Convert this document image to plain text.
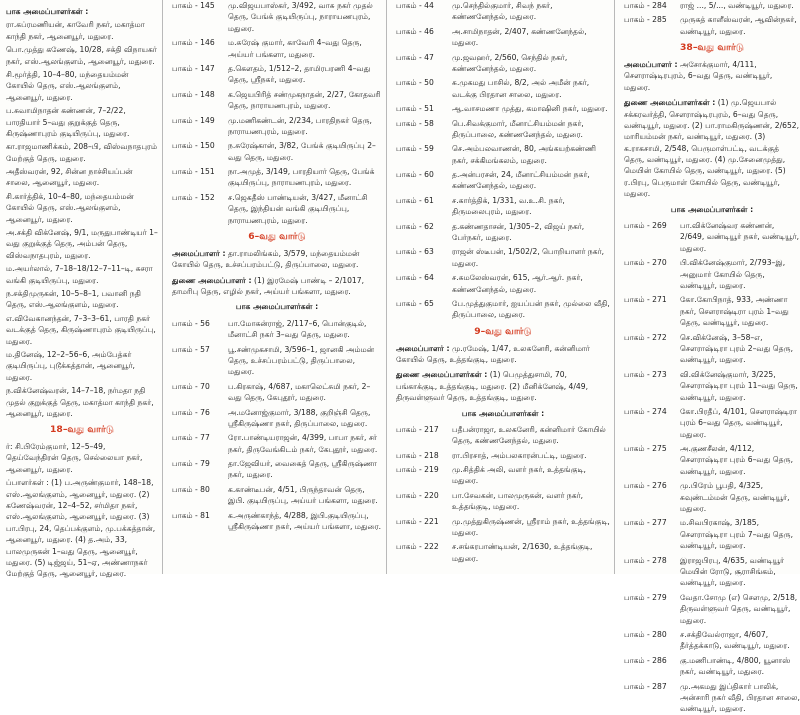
பாக அமைப்பாளர்கள் :

ரா.கப்ரமணியன், காவேரி நகர், மகாத்மா காந்தி நகர், ஆனையூர், மதுரை.

பொ.முத்து கணேஷ், 10/28, சக்தி விநாயகர் நகர், எஸ்.ஆலங்குளம், ஆனையூர், மதுரை.

சி.மூர்த்தி, 10–4–80, மந்தையம்மன் கோயில் தெரு, எஸ்.ஆலங்குளம், ஆனையூர், மதுரை.

ப.சுவாமிநாதன் கண்ணன், 7–2/22, பாரதியார் 5–வது குறுக்குத் தெரு, கிருஷ்ணாபுரம் குடியிருப்பு, மதுரை.

கா.ராஜமாணிக்கம், 208–பி, விஸ்வநாதபுரம் மேற்குத் தெரு, மதுரை.

அதீஸ்வரன், 92, சின்ன நாச்சியப்பன் சாலை, ஆனையூர், மதுரை.

சி.கார்த்திக், 10–4–80, மந்தையம்மன் கோயில் தெரு, எஸ்.ஆலங்குளம், ஆனையூர், மதுரை.

அ.சக்தி விக்னேஷ், 9/1, மருதுபாண்டியர் 1–வது குறுக்குத் தெரு, அம்பன் தெரு, விஸ்வநாதபுரம், மதுரை.

ம.அயர்லால், 7–18–18/12–7–11–டி, சுசரா வங்கி குடியிருப்பு, மதுரை.

ந.சக்திமுருகன், 10–5–8–1, பவானி நதி தெரு, எஸ்.ஆலங்குளம், மதுரை.

எ.விவேகானந்தன், 7–3–3–61, பாரதி நகர் வடக்குத் தெரு, கிருஷ்ணாபுரம் குடியிருப்பு, மதுரை.

ம.தினேஷ், 12–2–56–6, அம்பேத்கர் குடியிருப்பு, புடூக்கத்தான், ஆனையூர், மதுரை.

ந.விக்னேஷ்வரன், 14–7–18, நர்மதா நதி முதல் குறுக்குத் தெரு, மகாத்மா காந்தி நகர், ஆனையூர், மதுரை.

18–வது வார்டு

ர்: சி.பிரேம்குமார், 12–5–49, தெய்வேந்திரன் தெரு, செல்லையா நகர், ஆனையூர், மதுரை.

ப்பாளர்கள் : (1) ப.அருண்குமார், 148–18, எஸ்.ஆலங்குளம், ஆனையூர், மதுரை. (2) கணேஷ்வரன், 12–4–52, சர்மிதா நகர், எஸ்.ஆலங்குளம், ஆனையூர், மதுரை. (3) பா.பிரபு, 24, தெப்பக்குளம், மு.பக்கத்தான், ஆனையூர், மதுரை. (4) த.அம், 33, பாலமுருகன் 1–வது தெரு, ஆனையூர், மதுரை. (5) டிஜ்ஜய், 51–ஏ, அண்ணாநகர் மேற்குத் தெரு, ஆனையூர், மதுரை.

பாகம் - 145	மு.விஜயபாஸ்கர், 3/492, வாசு நகர் முதல் தெரு, பேங்க் குடியிருப்பு, நாராயணபுரம், மதுரை.
பாகம் - 146	ம.சுரேஷ் குமார், காவேரி 4–வது தெரு, அய்யர் பங்களா, மதுரை.
பாகம் - 147	த.கௌதம், 1/512–2, தாமிரபரணி 4–வது தெரு, ஸ்ரீநகர், மதுரை.
பாகம் - 148	க.ஜெயபிரித் சண்முகநாதன், 2/27, கோதவரி தெரு, நாராயணபுரம், மதுரை.
பாகம் - 149	மு.மணிகண்டன், 2/234, பாரதிநகர் தெரு, நாராயணபுரம், மதுரை.
பாகம் - 150	ந.சுரேஷ்கான், 3/82, பேங்க் குடியிருப்பு 2–வது தெரு, மதுரை.
பாகம் - 151	நா.அமுத், 3/149, பாரதியார் தெரு, பேங்க் குடியிருப்பு, நாராயணபுரம், மதுரை.
பாகம் - 152	ச.ஜெகதீஸ் பாண்டியன், 3/427, மீனாட்சி தெரு, இந்தியன் வங்கி குடியிருப்பு, நாராயணபுரம், மதுரை.
6–வது வார்டு

அமைப்பாளர் : தா.ராமலிங்கம், 3/579, மந்தையம்மன் கோயில் தெரு, உச்சப்பரம்பட்டு, திருப்பாலை, மதுரை.

துணை அமைப்பாளர் : (1) இரமேஷ் பாண்டி – 2/1017, தாமரிபு தெரு, எழில் நகர், அய்யர் பங்களா, மதுரை.

பாக அமைப்பாளர்கள் :
பாகம் - 56	பா.மோகன்ராஜ், 2/117–6, பொன்குடில், மீனாட்சி நகர் 3–வது தெரு, மதுரை.
பாகம் - 57	பூ.சண்முகசாமி, 3/596–1, ஜானகி அம்மன் தெரு, உச்சப்பரம்பட்டு, திருப்பாலை, மதுரை.
பாகம் - 70	ப.கிரகாஷ், 4/687, மகாலெட்சுமி நகர், 2–வது தெரு, கேபுதூர், மதுரை.
பாகம் - 76	அ.மனோஜ்குமார், 3/188, குறிஞ்சி தெரு, ஸ்ரீகிருஷ்ணா நகர், திருப்பாலை, மதுரை.
பாகம் - 77	ரோ.பாண்டியராஜன், 4/399, பாபா நகர், சர் நகர், திருவேங்கிடம் நகர், கேபுதூர், மதுரை.
பாகம் - 79	தா.ஜேவியர், வைகைத் தெரு, ஸ்ரீகிருஷ்ணா நகர், மதுரை.
பாகம் - 80	க.காண்டீபன், 4/51, பிருந்தாவன் தெரு, இபி. குடியிருப்பு, அய்யர் பங்களா, மதுரை.
பாகம் - 81	க.அருண்காந்த், 4/288, இபி.குடியிருப்பு, ஸ்ரீகிருஷ்ணா நகர், அய்யர் பங்களா, மதுரை.
பாகம் - 44	மு.செந்தில்குமார், சிவந் நகர், கண்ணனேந்தல், மதுரை.
பாகம் - 46	அ.சாமிநாதன், 2/407, கண்ணனேந்தல், மதுரை.
பாகம் - 47	மு.ஜவஹர், 2/560, செந்தில் நகர், கண்ணனேந்தல், மதுரை.
பாகம் - 50	சு.முகமது பாசில், 8/2, அல் அமீன் நகர், வடக்கு பிரதான சாலை, மதுரை.
பாகம் - 51	ஆ.வாசமணா முத்து, கமாஷினி நகர், மதுரை.
பாகம் - 58	பெ.சிவக்குமார், மீனாட்சியம்மன் நகர், திருப்பாலை, கண்ணனேந்தல், மதுரை.
பாகம் - 59	செ.அம்பலவாணன், 80, அங்கயற்கண்ணி நகர், சக்கிமங்கலம், மதுரை.
பாகம் - 60	த.அன்பரசன், 24, மீனாட்சியம்மன் நகர், கண்ணனேந்தல், மதுரை.
பாகம் - 61	ச.கார்த்திக், 1/331, வ.உ.சி. நகர், திருமலைபுரம், மதுரை.
பாகம் - 62	த.கண்ணதாசன், 1/305–2, விஜய் நகர், பேர்நகர், மதுரை.
பாகம் - 63	ராஜன் ஸ்டீபன், 1/502/2, பொறியாளர் நகர், மதுரை.
பாகம் - 64	ச.சுமலேஸ்வரன், 615, ஆர்.ஆர். நகர், கண்ணனேந்தல், மதுரை.
பாகம் - 65	பே.முத்துகுமார், ஐயப்பன் நகர், முல்லை வீதி, திருப்பாலை, மதுரை.
9–வது வார்டு

அமைப்பாளர் : மு.ரமேஷ், 1/47, உலகனேரி, கன்னிமார் கோயில் தெரு, உத்தங்குடி, மதுரை.

துணை அமைப்பாளர்கள் : (1) பெமுத்துசாமி, 70, பங்காக்குடி, உத்தங்குடி, மதுரை. (2) மீனிக்னேஷ், 4/49, திருவள்ளுவர் தெரு, உத்தங்குடி, மதுரை.

பாக அமைப்பாளர்கள் :
பாகம் - 217	பதீபன்ராஜா, உலகனேரி, கன்னிமார் கோயில் தெரு, கண்ணனேந்தல், மதுரை.
பாகம் - 218	ரா.பிரசாத், அம்பலகாரன்பட்டி, மதுரை.
பாகம் - 219	மு.சித்திக் அலி, வளர் நகர், உத்தங்குடி, மதுரை.
பாகம் - 220	பா.சேவகன், பாலமுருகன், வளர் நகர், உத்தங்குடி, மதுரை.
பாகம் - 221	மு.முத்துகிருஷ்ணன், ஸ்ரீராம் நகர், உத்தங்குடி, மதுரை.
பாகம் - 222	ச.சங்கரபாண்டியன், 2/1630, உத்தங்குடி, மதுரை.
பாகம் - 284	ராஜ் ..., 5/..., வண்டியூர், மதுரை.
பாகம் - 285	முருகத் காளீஸ்வரன், ஆவின்நகர், வண்டியூர், மதுரை.
38–வது வார்டு

அமைப்பாளர் : அசோக்குமார், 4/111, சௌராஷ்டிரபுரம், 6–வது தெரு, வண்டியூர், மதுரை.

துணை அமைப்பாளர்கள் : (1) மு.ஜெயபால் சக்கரவர்த்தி, சௌராஷ்டிரபுரம், 6–வது தெரு, வண்டியூர், மதுரை. (2) பா.ராமகிருஷ்ணன், 2/652, மாரியம்மன் நகர், வண்டியூர், மதுரை. (3) க.ராகசாமி, 2/548, பெருமாள்பட்டி, வடக்குத் தெரு, வண்டியூர், மதுரை. (4) மு.சேனைமுத்து, மெயின் கோயில் தெரு, வண்டியூர், மதுரை. (5) ர.பிரபு, பெருமாள் கோயில் தெரு, வண்டியூர், மதுரை.

பாக அமைப்பாளர்கள் :
பாகம் - 269	பா.விக்னேஷ்வர கண்ணன், 2/649, வண்டியூர் நகர், வண்டியூர், மதுரை.
பாகம் - 270	பி.விக்னேஷ்குமார், 2/793–இ, அனுமார் கோயில் தெரு, வண்டியூர், மதுரை.
பாகம் - 271	கோ.கோபிநாத், 933, அண்ணா நகர், சௌராஷ்டிரா புரம் 1–வது தெரு, வண்டியூர், மதுரை.
பாகம் - 272	செ.விக்னேஷ், 3–58–எ, சௌராஷ்டிரா புரம் 2–வது தெரு, வண்டியூர், மதுரை.
பாகம் - 273	வி.விக்னேஷ்குமார், 3/225, சௌராஷ்டிரா புரம் 11–வது தெரு, வண்டியூர், மதுரை.
பாகம் - 274	கோ.பிரதீப், 4/101, சௌராஷ்டிரா புரம் 6–வது தெரு, வண்டியூர், மதுரை.
பாகம் - 275	அ.குணசீலன், 4/112, சௌராஷ்டிரா புரம் 6–வது தெரு, வண்டியூர், மதுரை.
பாகம் - 276	மு.பிரேம் பூபதி, 4/325, சுவுண்டம்மன் தெரு, வண்டியூர், மதுரை.
பாகம் - 277	ம.சிவபிரகாஷ், 3/185, சௌராஷ்டிரா புரம் 7–வது தெரு, வண்டியூர், மதுரை.
பாகம் - 278	இராஜபிரபு, 4/635, வண்டியூர் மெயின் ரோடு, சூராசிங்கம், வண்டியூர், மதுரை.
பாகம் - 279	வேதா.சோமு (எ) சௌமு, 2/518, திருவள்ளுவர் தெரு, வண்டியூர், மதுரை.
பாகம் - 280	ச.சக்திவேல்ராஜா, 4/607, தீர்த்தக்காடு, வண்டியூர், மதுரை.
பாகம் - 286	கு.மணிபாண்டி, 4/800, யூனாஸ் நகர், வண்டியூர், மதுரை.
பாகம் - 287	மு.அகமது இப்திகார் பாலிக், அன்சாரி நகர் வீதி, பிரதான சாலை, வண்டியூர், மதுரை.
